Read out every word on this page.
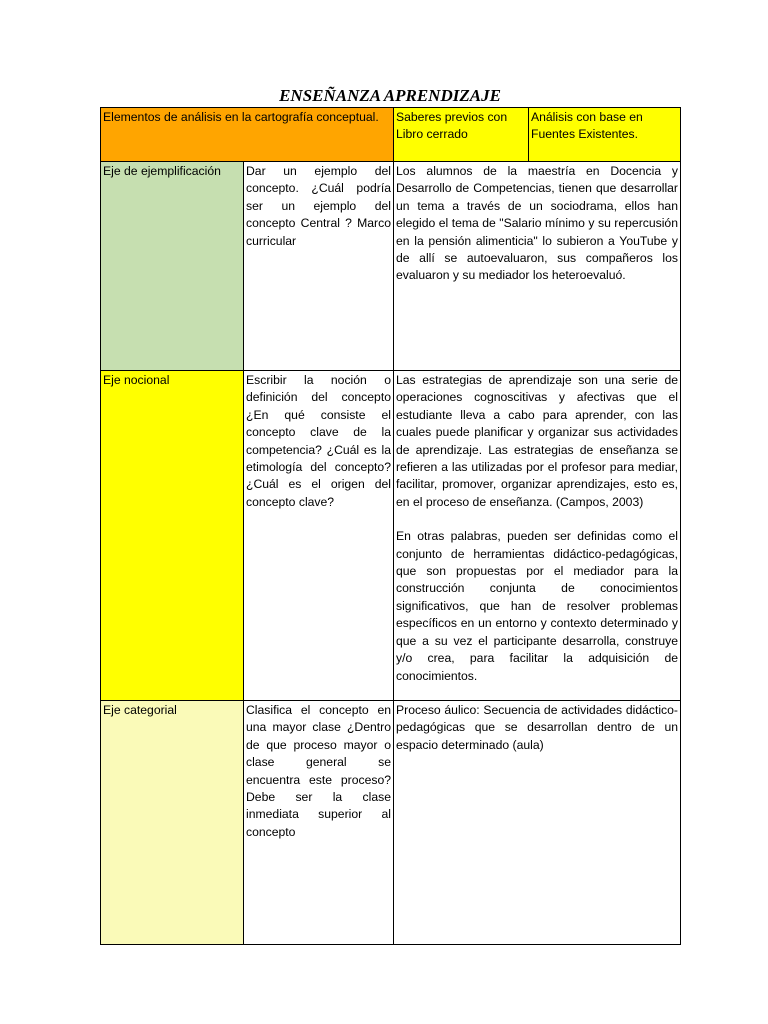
ENSEÑANZA APRENDIZAJE
Elementos de análisis en la cartografía conceptual.		Saberes previos con Libro cerrado	Análisis con base en Fuentes Existentes.

Eje de ejemplificación	Dar un ejemplo del concepto. ¿Cuál podría ser un ejemplo del concepto Central ? Marco curricular	Los alumnos de la maestría en Docencia y Desarrollo de Competencias, tienen que desarrollar un tema a través de un sociodrama, ellos han elegido el tema de "Salario mínimo y su repercusión en la pensión alimenticia" lo subieron a YouTube y de allí se autoevaluaron, sus compañeros los evaluaron y su mediador los heteroevaluó.	

Eje nocional	Escribir la noción o definición del concepto ¿En qué consiste el concepto clave de la competencia? ¿Cuál es la etimología del concepto? ¿Cuál es el origen del concepto clave?	Las estrategias de aprendizaje son una serie de operaciones cognoscitivas y afectivas que el estudiante lleva a cabo para aprender, con las cuales puede planificar y organizar sus actividades de aprendizaje. Las estrategias de enseñanza se refieren a las utilizadas por el profesor para mediar, facilitar, promover, organizar aprendizajes, esto es, en el proceso de enseñanza. (Campos, 2003)

En otras palabras, pueden ser definidas como el conjunto de herramientas didáctico-pedagógicas, que son propuestas por el mediador para la construcción conjunta de conocimientos significativos, que han de resolver problemas específicos en un entorno y contexto determinado y que a su vez el participante desarrolla, construye y/o crea, para facilitar la adquisición de conocimientos.	

Eje categorial	Clasifica el concepto en una mayor clase ¿Dentro de que proceso mayor o clase general se encuentra este proceso? Debe ser la clase inmediata superior al concepto	Proceso áulico: Secuencia de actividades didáctico-pedagógicas que se desarrollan dentro de un espacio determinado (aula)	
